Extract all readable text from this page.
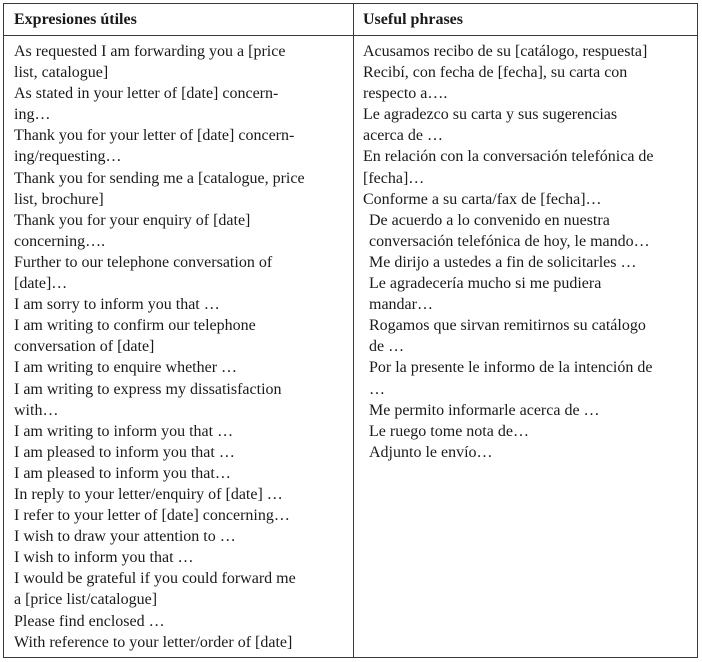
Expresiones útiles	Useful phrases
As requested I am forwarding you a [price
list, catalogue]
As stated in your letter of [date] concern-
ing…
Thank you for your letter of [date] concern-
ing/requesting…
Thank you for sending me a [catalogue, price
list, brochure]
Thank you for your enquiry of [date]
concerning….
Further to our telephone conversation of
[date]…
I am sorry to inform you that …
I am writing to confirm our telephone
conversation of [date]
I am writing to enquire whether …
I am writing to express my dissatisfaction
with…
I am writing to inform you that …
I am pleased to inform you that …
I am pleased to inform you that…
In reply to your letter/enquiry of [date] …
I refer to your letter of [date] concerning…
I wish to draw your attention to …
I wish to inform you that …
I would be grateful if you could forward me
a [price list/catalogue]
Please find enclosed …
With reference to your letter/order of [date]
Acusamos recibo de su [catálogo, respuesta]
Recibí, con fecha de [fecha], su carta con
respecto a….
Le agradezco su carta y sus sugerencias
acerca de …
En relación con la conversación telefónica de
[fecha]…
Conforme a su carta/fax de [fecha]…
De acuerdo a lo convenido en nuestra
conversación telefónica de hoy, le mando…
Me dirijo a ustedes a fin de solicitarles …
Le agradecería mucho si me pudiera
mandar…
Rogamos que sirvan remitirnos su catálogo
de …
Por la presente le informo de la intención de
…
Me permito informarle acerca de …
Le ruego tome nota de…
Adjunto le envío…
